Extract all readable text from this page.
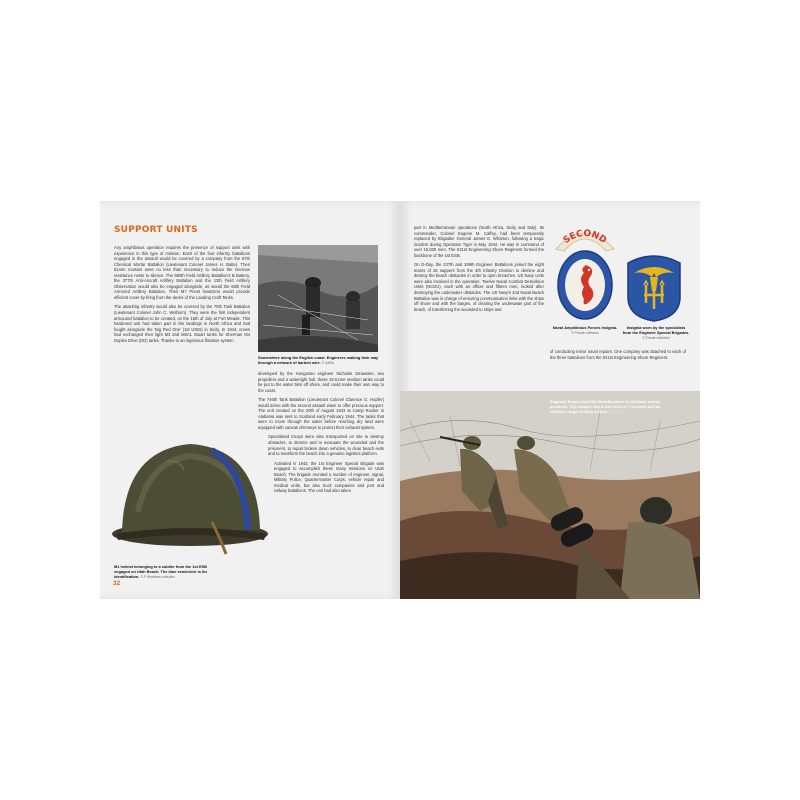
SUPPORT UNITS

Any amphibious operation requires the presence of support units with experience in this type of mission. Each of the four infantry battalions engaged in the assault would be covered by a company from the 87th Chemical Mortar Battalion (Lieutenant Colonel James H. Batte). Their 81mm mortars were no less than necessary to reduce the German resistance nests to silence. The 980th Field Artillery Battalion's B Battery, the 377th Anti-Aircraft Artillery Battalion and the 13th Field Artillery Observation would also be engaged alongside, as would the 65th Field Armored Artillery Battalion. Their M7 Priest howitzers would provide efficient cover by firing from the decks of the Landing Craft Tanks.

The attacking infantry would also be covered by the 70th Tank Battalion (Lieutenant Colonel John C. Welborn). They were the first independent armoured battalion to be created, on the 15th of July at Fort Meade. This hardened unit had taken part in the landings in North Africa and had fought alongside the 'Big Red One' (1st USID) in Sicily. In 1944, crews had exchanged their light M3 and M5A1 Stuart tanks for Sherman M4 Duplex Drive (DD) tanks. Thanks to an ingenious flotation system

Somewhere along the English coast. Engineers making their way through a network of barbed wire. © NARA

developed by the Hungarian engineer Nicholas Straussler, two propellers and a watertight hull, these 32-tonne medium tanks could be put to the water 5km off shore, and could make their own way to the coast.

The 746th Tank Battalion (Lieutenant Colonel Clarence G. Hupfer) would arrive with the second assault wave to offer precious support. The unit created on the 20th of August 1943 at Camp Rucker in Alabama was sent to Scotland early February 1944. The tanks that were to move through the water before reaching dry land were equipped with canvas chimneys to protect their exhaust system.

Specialised troops were also transported on site to destroy obstacles, to demine and to evacuate the wounded and the prisoners, to repair broken down vehicles, to clear beach exits and to transform the beach into a genuine logistics platform.

Activated in 1942, the 1st Engineer Special Brigade was engaged to accomplish these many missions on Utah Beach. The brigade reunited a number of engineer, signal, Military Police, Quartermaster Corps, vehicle repair and medical units, but also truck companies and port and railway battalions. The unit had also taken

M1 helmet belonging to a soldier from the 1st ESB engaged on Utah Beach. The blue semicircle is for identification. © P. Bénéteau collection
32

part in Mediterranean operations (North Africa, Sicily and Italy). Its commander, Colonel Eugene M. Caffey, had been temporarily replaced by Brigadier General James E. Wharton, following a tragic incident during Operation Tiger in May 1944. He was in command of over 15,000 men. The 531st Engineering Shore Regiment formed the backbone of the 1st ESB.

On D-Day, the 237th and 299th Engineer Battalions joined the eight teams of 26 sappers from the 4th Infantry Division to demine and destroy the beach obstacles in order to open breaches. US Navy units were also involved in the operation. Twelve Naval Combat Demolition Units (NCDU), each with an officer and fifteen men, looked after destroying the underwater obstacles. The US Navy's 2nd Naval Beach Battalion was in charge of ensuring communication links with the ships off shore and with the barges, of clearing the underwater part of the beach, of transferring the wounded to ships and

SECOND
Naval Amphibious Forces insignia.
© Private collection
Insignia worn by the specialists from the Engineer Special Brigades.
© Private collection

of conducting minor naval repairs. One company was attached to each of the three battalions from the 531st Engineering Shore Regiment.

Engineer troops used M2 flamethrowers to eliminate enemy positions. The weapon had a burn time of 7 seconds and an effective range of thirty metres. © NARA
